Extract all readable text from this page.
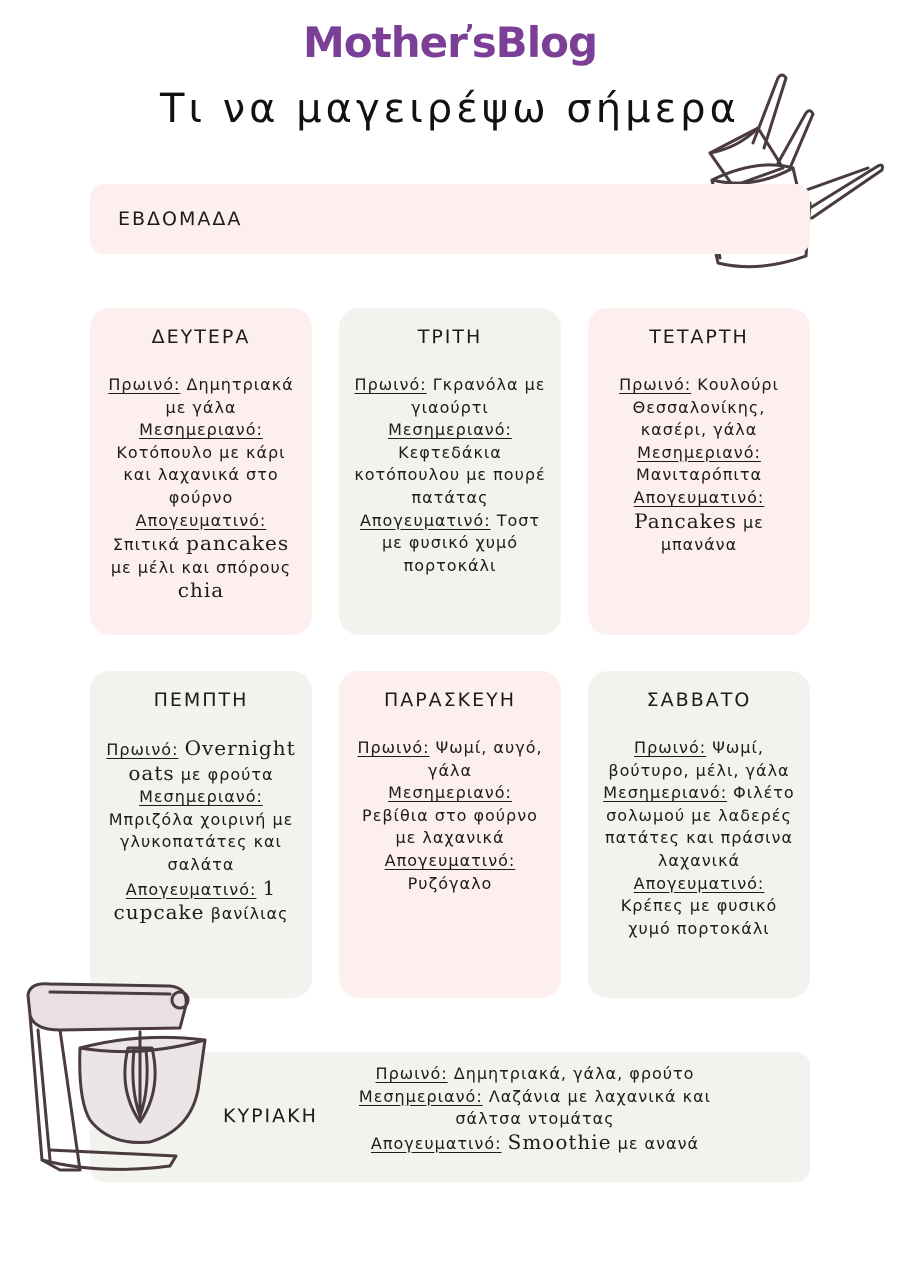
Mother’sBlog
Τι να μαγειρέψω σήμερα
ΕΒΔΟΜΑΔΑ
ΔΕΥΤΕΡΑ
Πρωινό: Δημητριακά με γάλα
Μεσημεριανό: Κοτόπουλο με κάρι και λαχανικά στο φούρνο
Απογευματινό: Σπιτικά pancakes με μέλι και σπόρους chia
ΤΡΙΤΗ
Πρωινό: Γκρανόλα με γιαούρτι
Μεσημεριανό: Κεφτεδάκια κοτόπουλου με πουρέ πατάτας
Απογευματινό: Τοστ με φυσικό χυμό πορτοκάλι
ΤΕΤΑΡΤΗ
Πρωινό: Κουλούρι Θεσσαλονίκης, κασέρι, γάλα
Μεσημεριανό: Μανιταρόπιτα
Απογευματινό:
Pancakes με μπανάνα
ΠΕΜΠΤΗ
Πρωινό: Overnight oats με φρούτα
Μεσημεριανό: Μπριζόλα χοιρινή με γλυκοπατάτες και σαλάτα
Απογευματινό: 1 cupcake βανίλιας
ΠΑΡΑΣΚΕΥΗ
Πρωινό: Ψωμί, αυγό, γάλα
Μεσημεριανό:
Ρεβίθια στο φούρνο με λαχανικά
Απογευματινό:
Ρυζόγαλο
ΣΑΒΒΑΤΟ
Πρωινό: Ψωμί, βούτυρο, μέλι, γάλα
Μεσημεριανό: Φιλέτο σολωμού με λαδερές πατάτες και πράσινα λαχανικά
Απογευματινό:
Κρέπες με φυσικό χυμό πορτοκάλι
ΚΥΡΙΑΚΗ
Πρωινό: Δημητριακά, γάλα, φρούτο
Μεσημεριανό: Λαζάνια με λαχανικά και σάλτσα ντομάτας
Απογευματινό: Smoothie με ανανά
